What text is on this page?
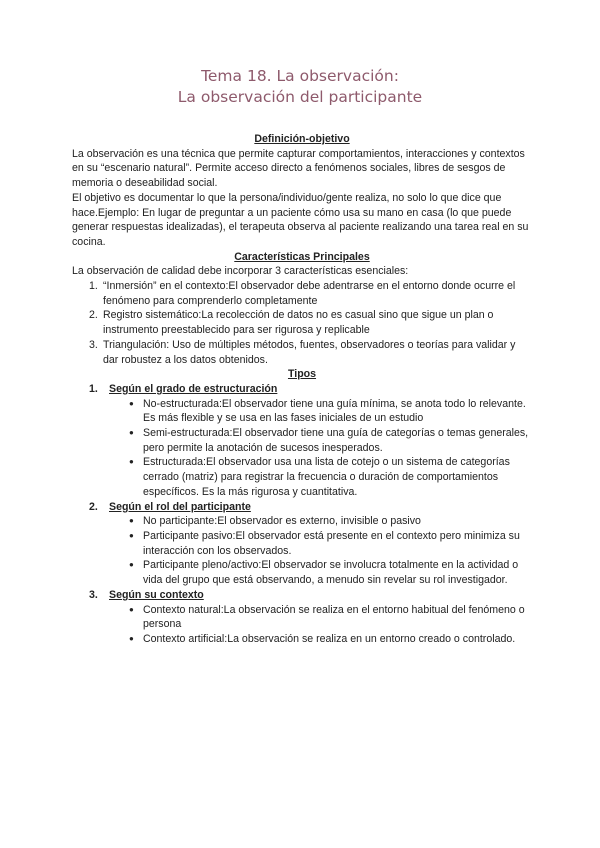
Tema 18. La observación:
La observación del participante
Definición-objetivo

La observación es una técnica que permite capturar comportamientos, interacciones y contextos en su “escenario natural”. Permite acceso directo a fenómenos sociales, libres de sesgos de memoria o deseabilidad social.

El objetivo es documentar lo que la persona/individuo/gente realiza, no solo lo que dice que hace.Ejemplo: En lugar de preguntar a un paciente cómo usa su mano en casa (lo que puede generar respuestas idealizadas), el terapeuta observa al paciente realizando una tarea real en su cocina.

Características Principales

La observación de calidad debe incorporar 3 características esenciales:

1. “Inmersión” en el contexto:El observador debe adentrarse en el entorno donde ocurre el fenómeno para comprenderlo completamente
2. Registro sistemático:La recolección de datos no es casual sino que sigue un plan o instrumento preestablecido para ser rigurosa y replicable
3. Triangulación: Uso de múltiples métodos, fuentes, observadores o teorías para validar y dar robustez a los datos obtenidos.
Tipos
1. Según el grado de estructuración
● No-estructurada:El observador tiene una guía mínima, se anota todo lo relevante. Es más flexible y se usa en las fases iniciales de un estudio
● Semi-estructurada:El observador tiene una guía de categorías o temas generales, pero permite la anotación de sucesos inesperados.
● Estructurada:El observador usa una lista de cotejo o un sistema de categorías cerrado (matriz) para registrar la frecuencia o duración de comportamientos específicos. Es la más rigurosa y cuantitativa.
2. Según el rol del participante
● No participante:El observador es externo, invisible o pasivo
● Participante pasivo:El observador está presente en el contexto pero minimiza su interacción con los observados.
● Participante pleno/activo:El observador se involucra totalmente en la actividad o vida del grupo que está observando, a menudo sin revelar su rol investigador.
3. Según su contexto
● Contexto natural:La observación se realiza en el entorno habitual del fenómeno o persona
● Contexto artificial:La observación se realiza en un entorno creado o controlado.
